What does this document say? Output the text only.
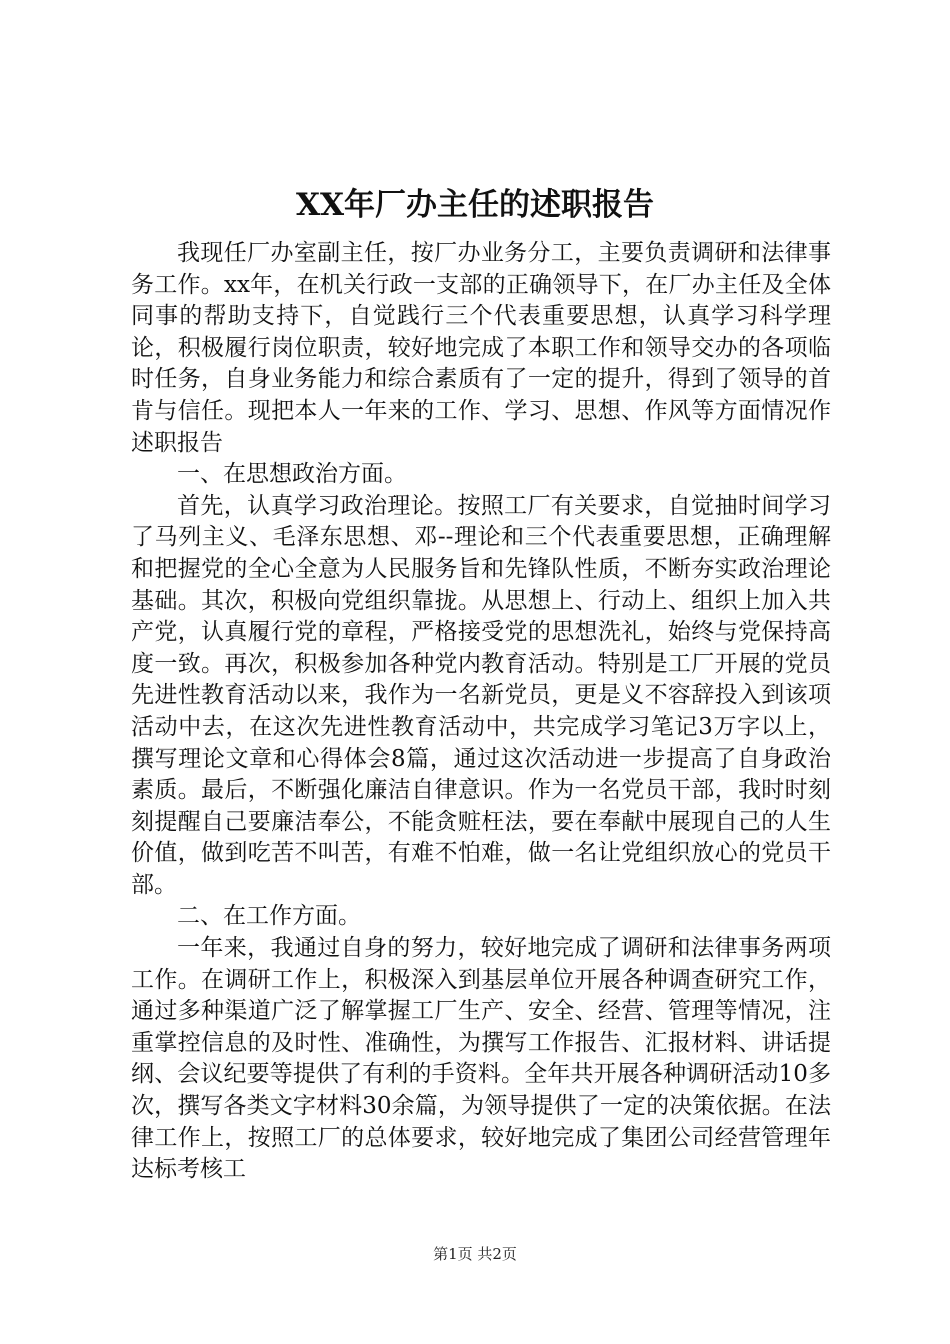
XX年厂办主任的述职报告

我现任厂办室副主任，按厂办业务分工，主要负责调研和法律事务工作。xx年，在机关行政一支部的正确领导下，在厂办主任及全体同事的帮助支持下，自觉践行三个代表重要思想，认真学习科学理论，积极履行岗位职责，较好地完成了本职工作和领导交办的各项临时任务，自身业务能力和综合素质有了一定的提升，得到了领导的首肯与信任。现把本人一年来的工作、学习、思想、作风等方面情况作述职报告

一、在思想政治方面。

首先，认真学习政治理论。按照工厂有关要求，自觉抽时间学习了马列主义、毛泽东思想、邓--理论和三个代表重要思想，正确理解和把握党的全心全意为人民服务旨和先锋队性质，不断夯实政治理论基础。其次，积极向党组织靠拢。从思想上、行动上、组织上加入共产党，认真履行党的章程，严格接受党的思想洗礼，始终与党保持高度一致。再次，积极参加各种党内教育活动。特别是工厂开展的党员先进性教育活动以来，我作为一名新党员，更是义不容辞投入到该项活动中去，在这次先进性教育活动中，共完成学习笔记3万字以上，撰写理论文章和心得体会8篇，通过这次活动进一步提高了自身政治素质。最后，不断强化廉洁自律意识。作为一名党员干部，我时时刻刻提醒自己要廉洁奉公，不能贪赃枉法，要在奉献中展现自己的人生价值，做到吃苦不叫苦，有难不怕难，做一名让党组织放心的党员干部。

二、在工作方面。

一年来，我通过自身的努力，较好地完成了调研和法律事务两项工作。在调研工作上，积极深入到基层单位开展各种调查研究工作，通过多种渠道广泛了解掌握工厂生产、安全、经营、管理等情况，注重掌控信息的及时性、准确性，为撰写工作报告、汇报材料、讲话提纲、会议纪要等提供了有利的手资料。全年共开展各种调研活动10多次，撰写各类文字材料30余篇，为领导提供了一定的决策依据。在法律工作上，按照工厂的总体要求，较好地完成了集团公司经营管理年达标考核工

第1页 共2页
